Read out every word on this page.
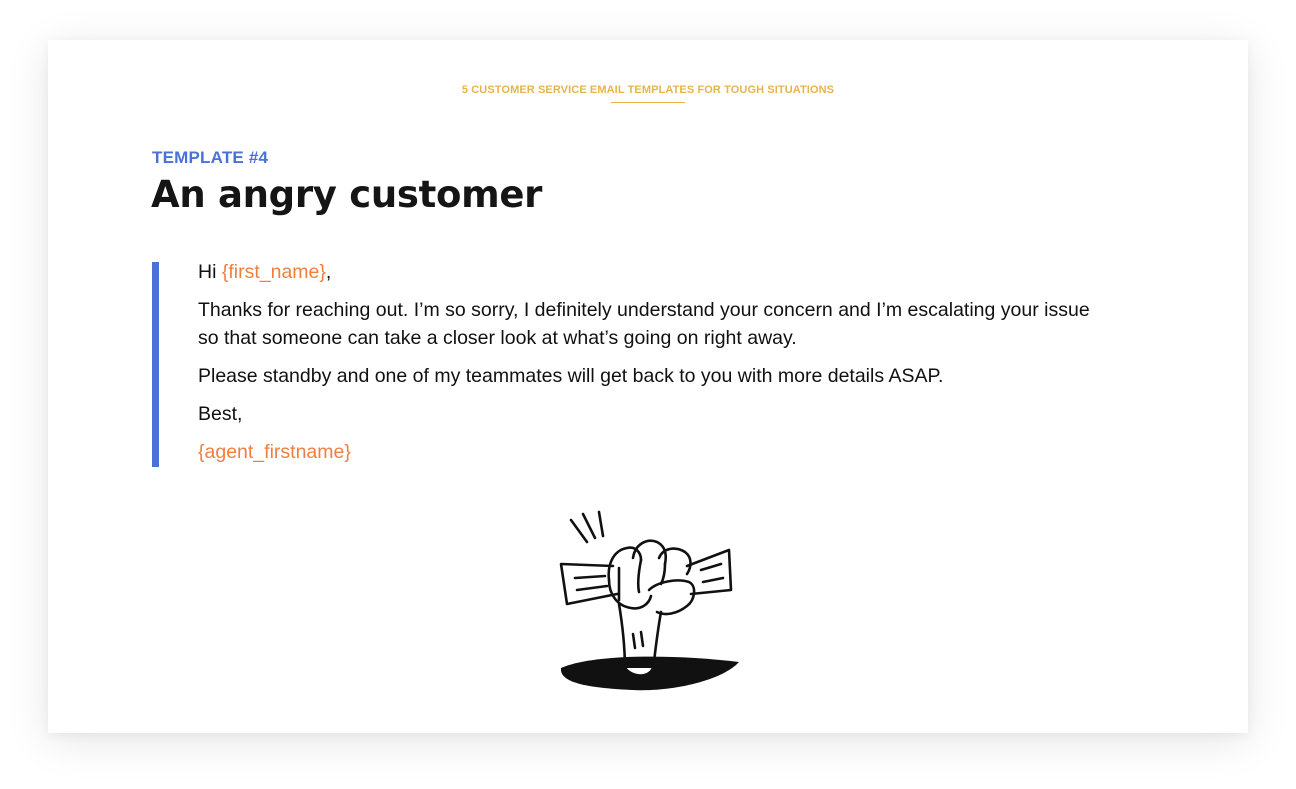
5 CUSTOMER SERVICE EMAIL TEMPLATES FOR TOUGH SITUATIONS
TEMPLATE #4
An angry customer

Hi {first_name},

Thanks for reaching out. I’m so sorry, I definitely understand your concern and I’m escalating your issue so that someone can take a closer look at what’s going on right away.

Please standby and one of my teammates will get back to you with more details ASAP.

Best,

{agent_firstname}
